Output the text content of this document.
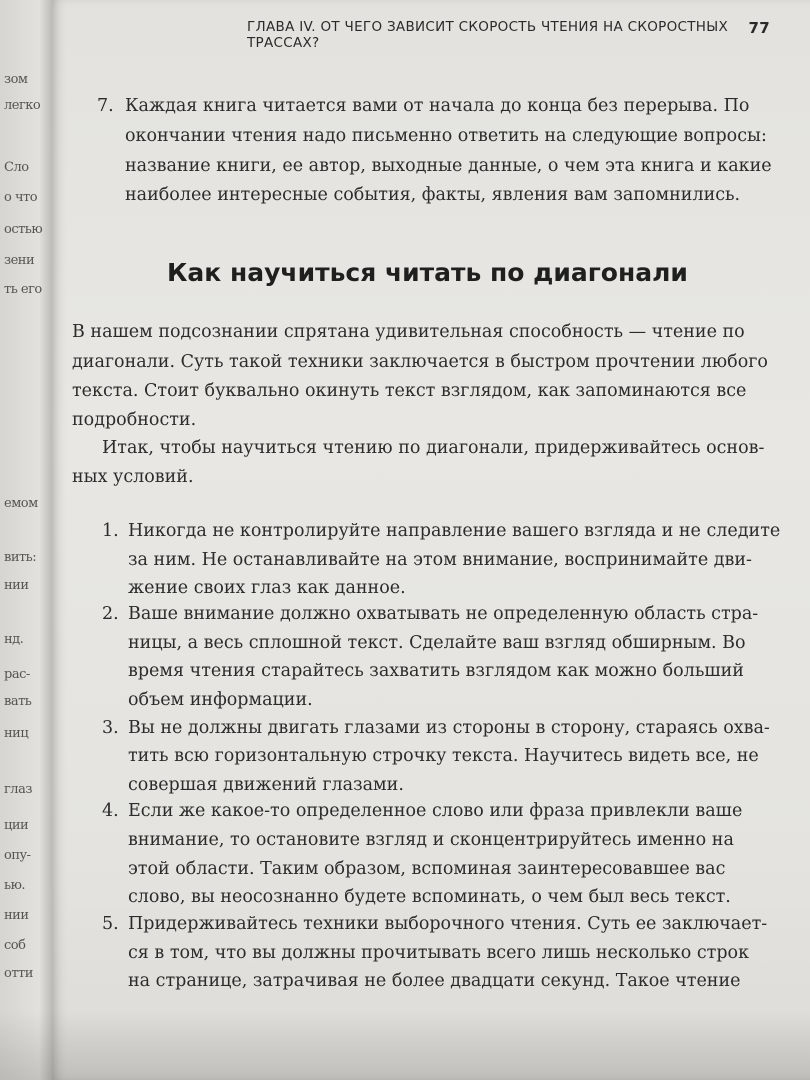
зом
легко
Сло
о что
остью
зени
ть его
емом
вить:
нии
нд.
рас-
вать
ниц
глаз
ции
опу-
ью.
нии
соб
отти
ГЛАВА IV. ОТ ЧЕГО ЗАВИСИТ СКОРОСТЬ ЧТЕНИЯ НА СКОРОСТНЫХ ТРАССАХ?
77
7. Каждая книга читается вами от начала до конца без перерыва. По
окончании чтения надо письменно ответить на следующие вопросы:
название книги, ее автор, выходные данные, о чем эта книга и какие
наиболее интересные события, факты, явления вам запомнились.
Как научиться читать по диагонали
В нашем подсознании спрятана удивительная способность — чтение по
диагонали. Суть такой техники заключается в быстром прочтении любого
текста. Стоит буквально окинуть текст взглядом, как запоминаются все
подробности.
Итак, чтобы научиться чтению по диагонали, придерживайтесь основ-
ных условий.
1. Никогда не контролируйте направление вашего взгляда и не следите
за ним. Не останавливайте на этом внимание, воспринимайте дви-
жение своих глаз как данное.
2. Ваше внимание должно охватывать не определенную область стра-
ницы, а весь сплошной текст. Сделайте ваш взгляд обширным. Во
время чтения старайтесь захватить взглядом как можно больший
объем информации.
3. Вы не должны двигать глазами из стороны в сторону, стараясь охва-
тить всю горизонтальную строчку текста. Научитесь видеть все, не
совершая движений глазами.
4. Если же какое-то определенное слово или фраза привлекли ваше
внимание, то остановите взгляд и сконцентрируйтесь именно на
этой области. Таким образом, вспоминая заинтересовавшее вас
слово, вы неосознанно будете вспоминать, о чем был весь текст.
5. Придерживайтесь техники выборочного чтения. Суть ее заключает-
ся в том, что вы должны прочитывать всего лишь несколько строк
на странице, затрачивая не более двадцати секунд. Такое чтение
